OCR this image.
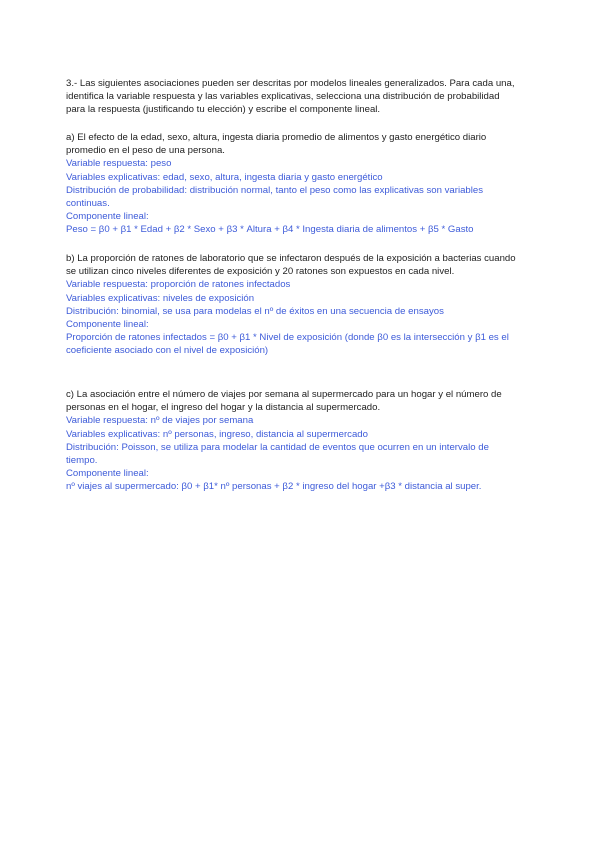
3.- Las siguientes asociaciones pueden ser descritas por modelos lineales generalizados. Para cada una, identifica la variable respuesta y las variables explicativas, selecciona una distribución de probabilidad para la respuesta (justificando tu elección) y escribe el componente lineal.

a) El efecto de la edad, sexo, altura, ingesta diaria promedio de alimentos y gasto energético diario promedio en el peso de una persona.

Variable respuesta: peso

Variables explicativas: edad, sexo, altura, ingesta diaria y gasto energético

Distribución de probabilidad: distribución normal, tanto el peso como las explicativas son variables continuas.

Componente lineal:

Peso = β0 + β1 * Edad + β2 * Sexo + β3 * Altura + β4 * Ingesta diaria de alimentos + β5 * Gasto

b) La proporción de ratones de laboratorio que se infectaron después de la exposición a bacterias cuando se utilizan cinco niveles diferentes de exposición y 20 ratones son expuestos en cada nivel.

Variable respuesta: proporción de ratones infectados

Variables explicativas: niveles de exposición

Distribución: binomial, se usa para modelas el nº de éxitos en una secuencia de ensayos

Componente lineal:

Proporción de ratones infectados = β0 + β1 * Nivel de exposición (donde β0 es la intersección y β1 es el coeficiente asociado con el nivel de exposición)

c) La asociación entre el número de viajes por semana al supermercado para un hogar y el número de personas en el hogar, el ingreso del hogar y la distancia al supermercado.

Variable respuesta: nº de viajes por semana

Variables explicativas: nº personas, ingreso, distancia al supermercado

Distribución: Poisson, se utiliza para modelar la cantidad de eventos que ocurren en un intervalo de tiempo.

Componente lineal:

nº viajes al supermercado: β0 + β1* nº personas + β2 * ingreso del hogar +β3 * distancia al super.
